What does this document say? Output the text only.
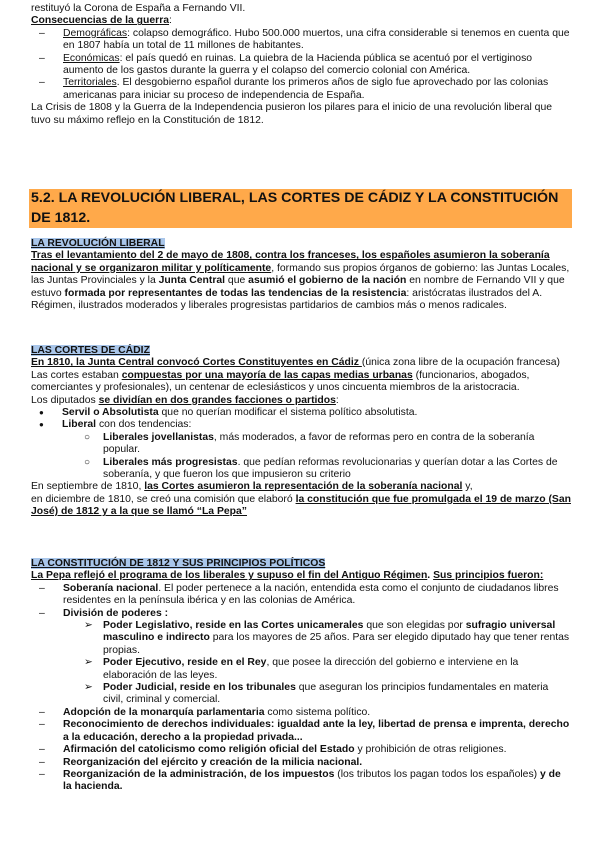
restituyó la Corona de España a Fernando VII.

Consecuencias de la guerra:

– Demográficas: colapso demográfico. Hubo 500.000 muertos, una cifra considerable si tenemos en cuenta que en 1807 había un total de 11 millones de habitantes.
– Económicas: el país quedó en ruinas. La quiebra de la Hacienda pública se acentuó por el vertiginoso aumento de los gastos durante la guerra y el colapso del comercio colonial con América.
– Territoriales. El desgobierno español durante los primeros años de siglo fue aprovechado por las colonias americanas para iniciar su proceso de independencia de España.

La Crisis de 1808 y la Guerra de la Independencia pusieron los pilares para el inicio de una revolución liberal que tuvo su máximo reflejo en la Constitución de 1812.

5.2. LA REVOLUCIÓN LIBERAL, LAS CORTES DE CÁDIZ Y LA CONSTITUCIÓN DE 1812.

LA REVOLUCIÓN LIBERAL

Tras el levantamiento del 2 de mayo de 1808, contra los franceses, los españoles asumieron la soberanía nacional y se organizaron militar y políticamente, formando sus propios órganos de gobierno: las Juntas Locales, las Juntas Provinciales y la Junta Central que asumió el gobierno de la nación en nombre de Fernando VII y que estuvo formada por representantes de todas las tendencias de la resistencia: aristócratas ilustrados del A. Régimen, ilustrados moderados y liberales progresistas partidarios de cambios más o menos radicales.

LAS CORTES DE CÁDIZ

En 1810, la Junta Central convocó Cortes Constituyentes en Cádiz (única zona libre de la ocupación francesa)

Las cortes estaban compuestas por una mayoría de las capas medias urbanas (funcionarios, abogados, comerciantes y profesionales), un centenar de eclesiásticos y unos cincuenta miembros de la aristocracia.

Los diputados se dividían en dos grandes facciones o partidos:

● Servil o Absolutista que no querían modificar el sistema político absolutista.
● Liberal con dos tendencias:
○ Liberales jovellanistas, más moderados, a favor de reformas pero en contra de la soberanía popular.
○ Liberales más progresistas. que pedían reformas revolucionarias y querían dotar a las Cortes de soberanía, y que fueron los que impusieron su criterio

En septiembre de 1810, las Cortes asumieron la representación de la soberanía nacional y,

en diciembre de 1810, se creó una comisión que elaboró la constitución que fue promulgada el 19 de marzo (San José) de 1812 y a la que se llamó “La Pepa”

LA CONSTITUCIÓN DE 1812 Y SUS PRINCIPIOS POLÍTICOS

La Pepa reflejó el programa de los liberales y supuso el fin del Antiguo Régimen. Sus principios fueron:

– Soberanía nacional. El poder pertenece a la nación, entendida esta como el conjunto de ciudadanos libres residentes en la península ibérica y en las colonias de América.
– División de poderes :
➢ Poder Legislativo, reside en las Cortes unicamerales que son elegidas por sufragio universal masculino e indirecto para los mayores de 25 años. Para ser elegido diputado hay que tener rentas propias.
➢ Poder Ejecutivo, reside en el Rey, que posee la dirección del gobierno e interviene en la elaboración de las leyes.
➢ Poder Judicial, reside en los tribunales que aseguran los principios fundamentales en materia civil, criminal y comercial.
– Adopción de la monarquía parlamentaria como sistema político.
– Reconocimiento de derechos individuales: igualdad ante la ley, libertad de prensa e imprenta, derecho a la educación, derecho a la propiedad privada...
– Afirmación del catolicismo como religión oficial del Estado y prohibición de otras religiones.
– Reorganización del ejército y creación de la milicia nacional.
– Reorganización de la administración, de los impuestos (los tributos los pagan todos los españoles) y de la hacienda.
